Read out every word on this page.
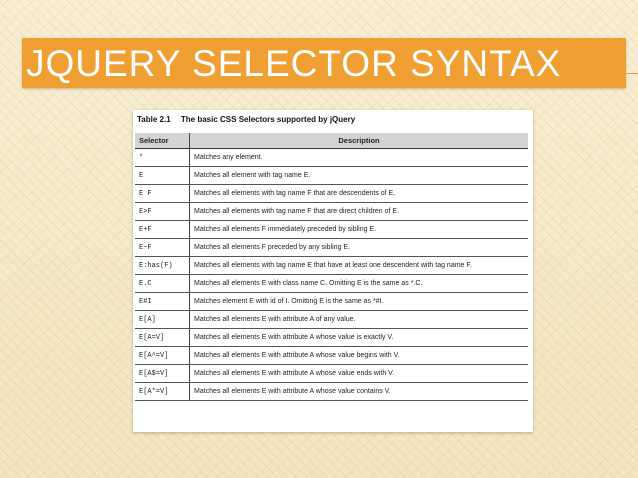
JQUERY SELECTOR SYNTAX
Table 2.1 The basic CSS Selectors supported by jQuery
Selector	Description
*	Matches any element.
E	Matches all element with tag name E.
E F	Matches all elements with tag name F that are descendents of E.
E>F	Matches all elements with tag name F that are direct children of E.
E+F	Matches all elements F immediately preceded by sibling E.
E~F	Matches all elements F preceded by any sibling E.
E:has(F)	Matches all elements with tag name E that have at least one descendent with tag name F.
E.C	Matches all elements E with class name C. Omitting E is the same as *.C.
E#I	Matches element E with id of I. Omitting E is the same as *#I.
E[A]	Matches all elements E with attribute A of any value.
E[A=V]	Matches all elements E with attribute A whose value is exactly V.
E[A^=V]	Matches all elements E with attribute A whose value begins with V.
E[A$=V]	Matches all elements E with attribute A whose value ends with V.
E[A*=V]	Matches all elements E with attribute A whose value contains V.
